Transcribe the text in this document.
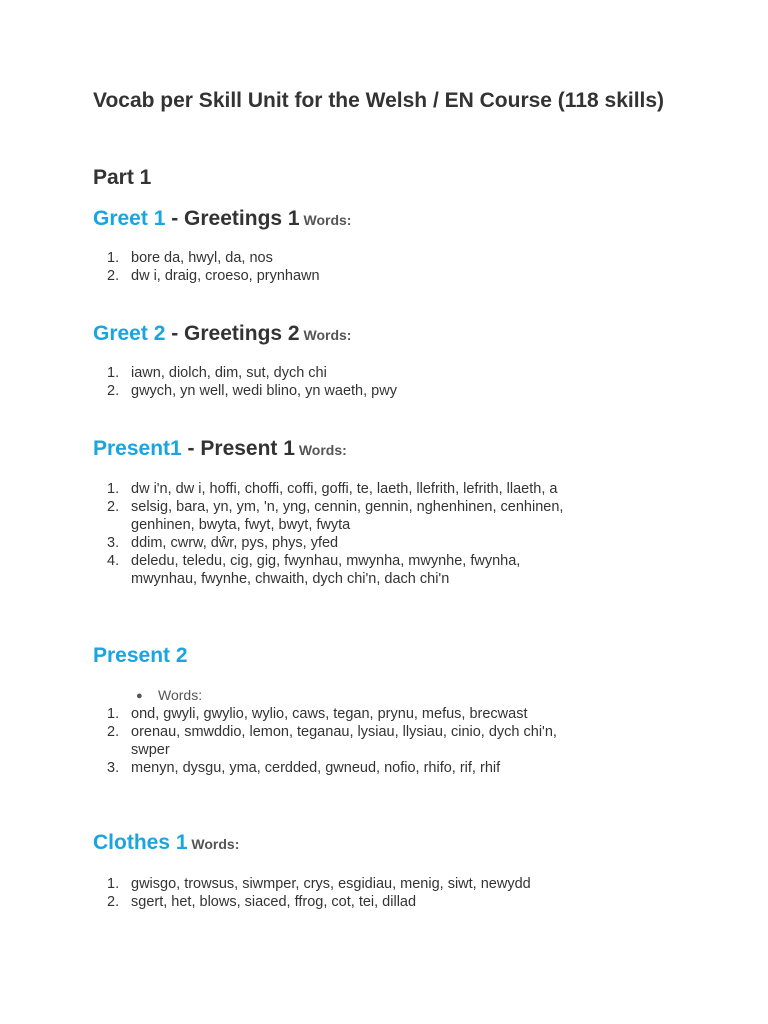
Vocab per Skill Unit for the Welsh / EN Course (118 skills)
Part 1
Greet 1 - Greetings 1 Words:
1. bore da, hwyl, da, nos
2. dw i, draig, croeso, prynhawn
Greet 2 - Greetings 2 Words:
1. iawn, diolch, dim, sut, dych chi
2. gwych, yn well, wedi blino, yn waeth, pwy
Present1 - Present 1 Words:
1. dw i'n, dw i, hoffi, choffi, coffi, goffi, te, laeth, llefrith, lefrith, llaeth, a
2. selsig, bara, yn, ym, 'n, yng, cennin, gennin, nghenhinen, cenhinen, genhinen, bwyta, fwyt, bwyt, fwyta
3. ddim, cwrw, dŵr, pys, phys, yfed
4. deledu, teledu, cig, gig, fwynhau, mwynha, mwynhe, fwynha, mwynhau, fwynhe, chwaith, dych chi'n, dach chi'n
Present 2
● Words:
1. ond, gwyli, gwylio, wylio, caws, tegan, prynu, mefus, brecwast
2. orenau, smwddio, lemon, teganau, lysiau, llysiau, cinio, dych chi'n, swper
3. menyn, dysgu, yma, cerdded, gwneud, nofio, rhifo, rif, rhif
Clothes 1 Words:
1. gwisgo, trowsus, siwmper, crys, esgidiau, menig, siwt, newydd
2. sgert, het, blows, siaced, ffrog, cot, tei, dillad
